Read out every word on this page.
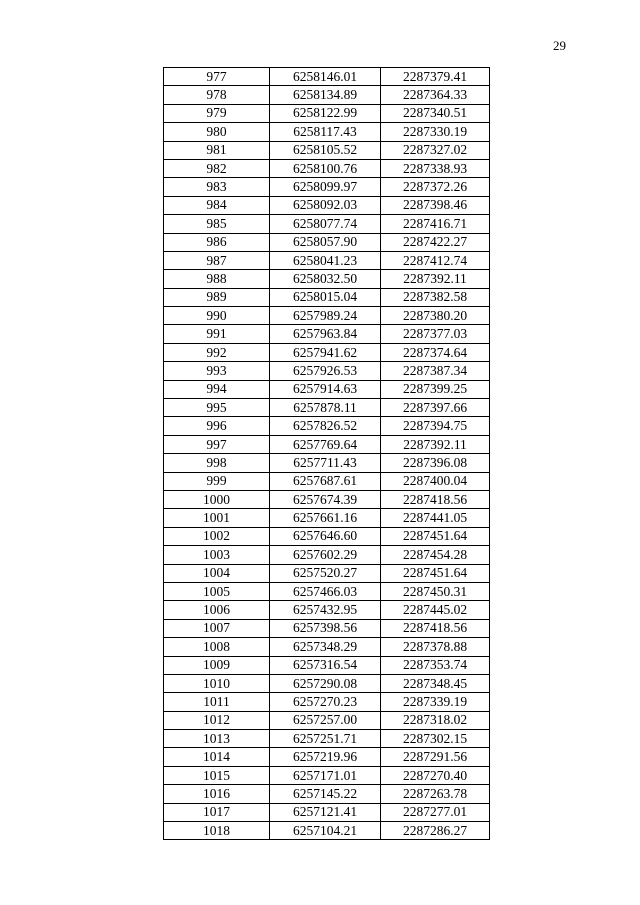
29
977	6258146.01	2287379.41
978	6258134.89	2287364.33
979	6258122.99	2287340.51
980	6258117.43	2287330.19
981	6258105.52	2287327.02
982	6258100.76	2287338.93
983	6258099.97	2287372.26
984	6258092.03	2287398.46
985	6258077.74	2287416.71
986	6258057.90	2287422.27
987	6258041.23	2287412.74
988	6258032.50	2287392.11
989	6258015.04	2287382.58
990	6257989.24	2287380.20
991	6257963.84	2287377.03
992	6257941.62	2287374.64
993	6257926.53	2287387.34
994	6257914.63	2287399.25
995	6257878.11	2287397.66
996	6257826.52	2287394.75
997	6257769.64	2287392.11
998	6257711.43	2287396.08
999	6257687.61	2287400.04
1000	6257674.39	2287418.56
1001	6257661.16	2287441.05
1002	6257646.60	2287451.64
1003	6257602.29	2287454.28
1004	6257520.27	2287451.64
1005	6257466.03	2287450.31
1006	6257432.95	2287445.02
1007	6257398.56	2287418.56
1008	6257348.29	2287378.88
1009	6257316.54	2287353.74
1010	6257290.08	2287348.45
1011	6257270.23	2287339.19
1012	6257257.00	2287318.02
1013	6257251.71	2287302.15
1014	6257219.96	2287291.56
1015	6257171.01	2287270.40
1016	6257145.22	2287263.78
1017	6257121.41	2287277.01
1018	6257104.21	2287286.27
